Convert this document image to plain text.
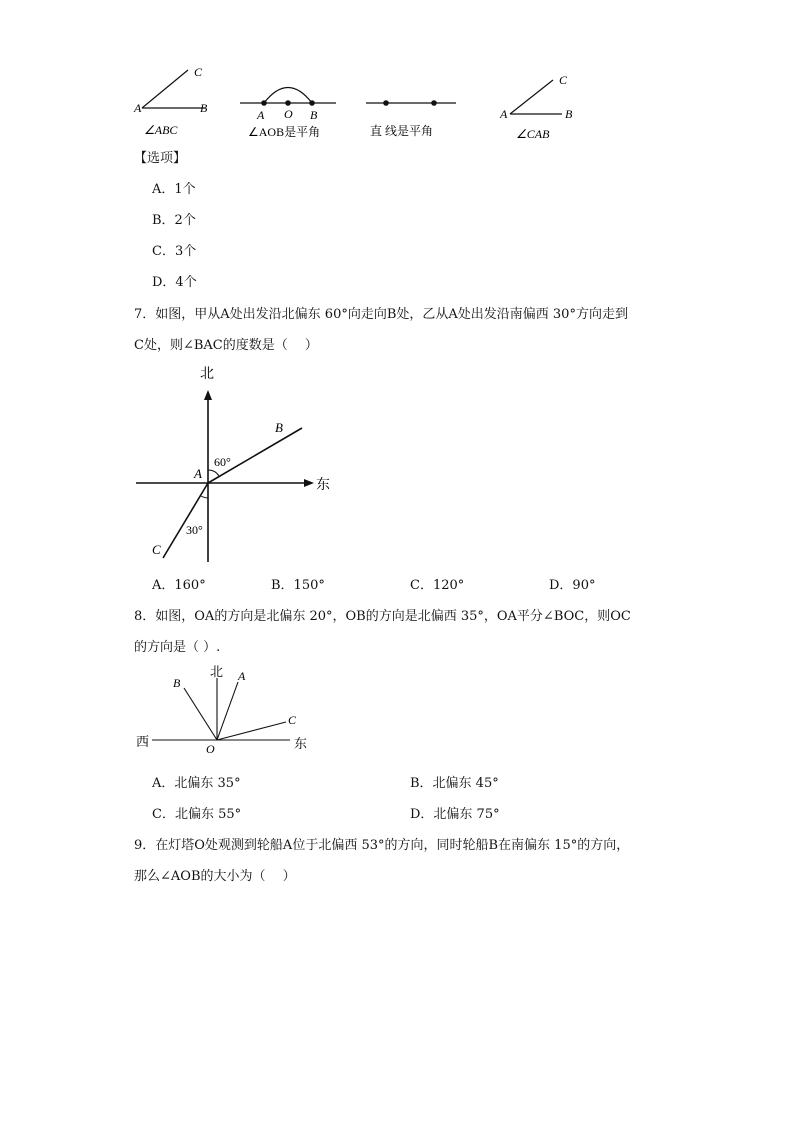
A	B
C
∠ABC
A O B
∠AOB是平角	直 线是平角
A	B
C
∠CAB
【选项】
A．1个
B．2个
C．3个
D．4个
7．如图，甲从A处出发沿北偏东 60°向走向B处，乙从A处出发沿南偏西 30°方向走到
C处，则∠BAC的度数是（　 ）
北
东
A
B
C
60°
30°
A．160°	B．150°	C．120°	D．90°
8．如图，OA的方向是北偏东 20°，OB的方向是北偏西 35°，OA平分∠BOC，则OC
的方向是（ ）.
北
西	东
O
A
B
C
A．北偏东 35°	B．北偏东 45°
C．北偏东 55°	D．北偏东 75°
9．在灯塔O处观测到轮船A位于北偏西 53°的方向，同时轮船B在南偏东 15°的方向，
那么∠AOB的大小为（　 ）
